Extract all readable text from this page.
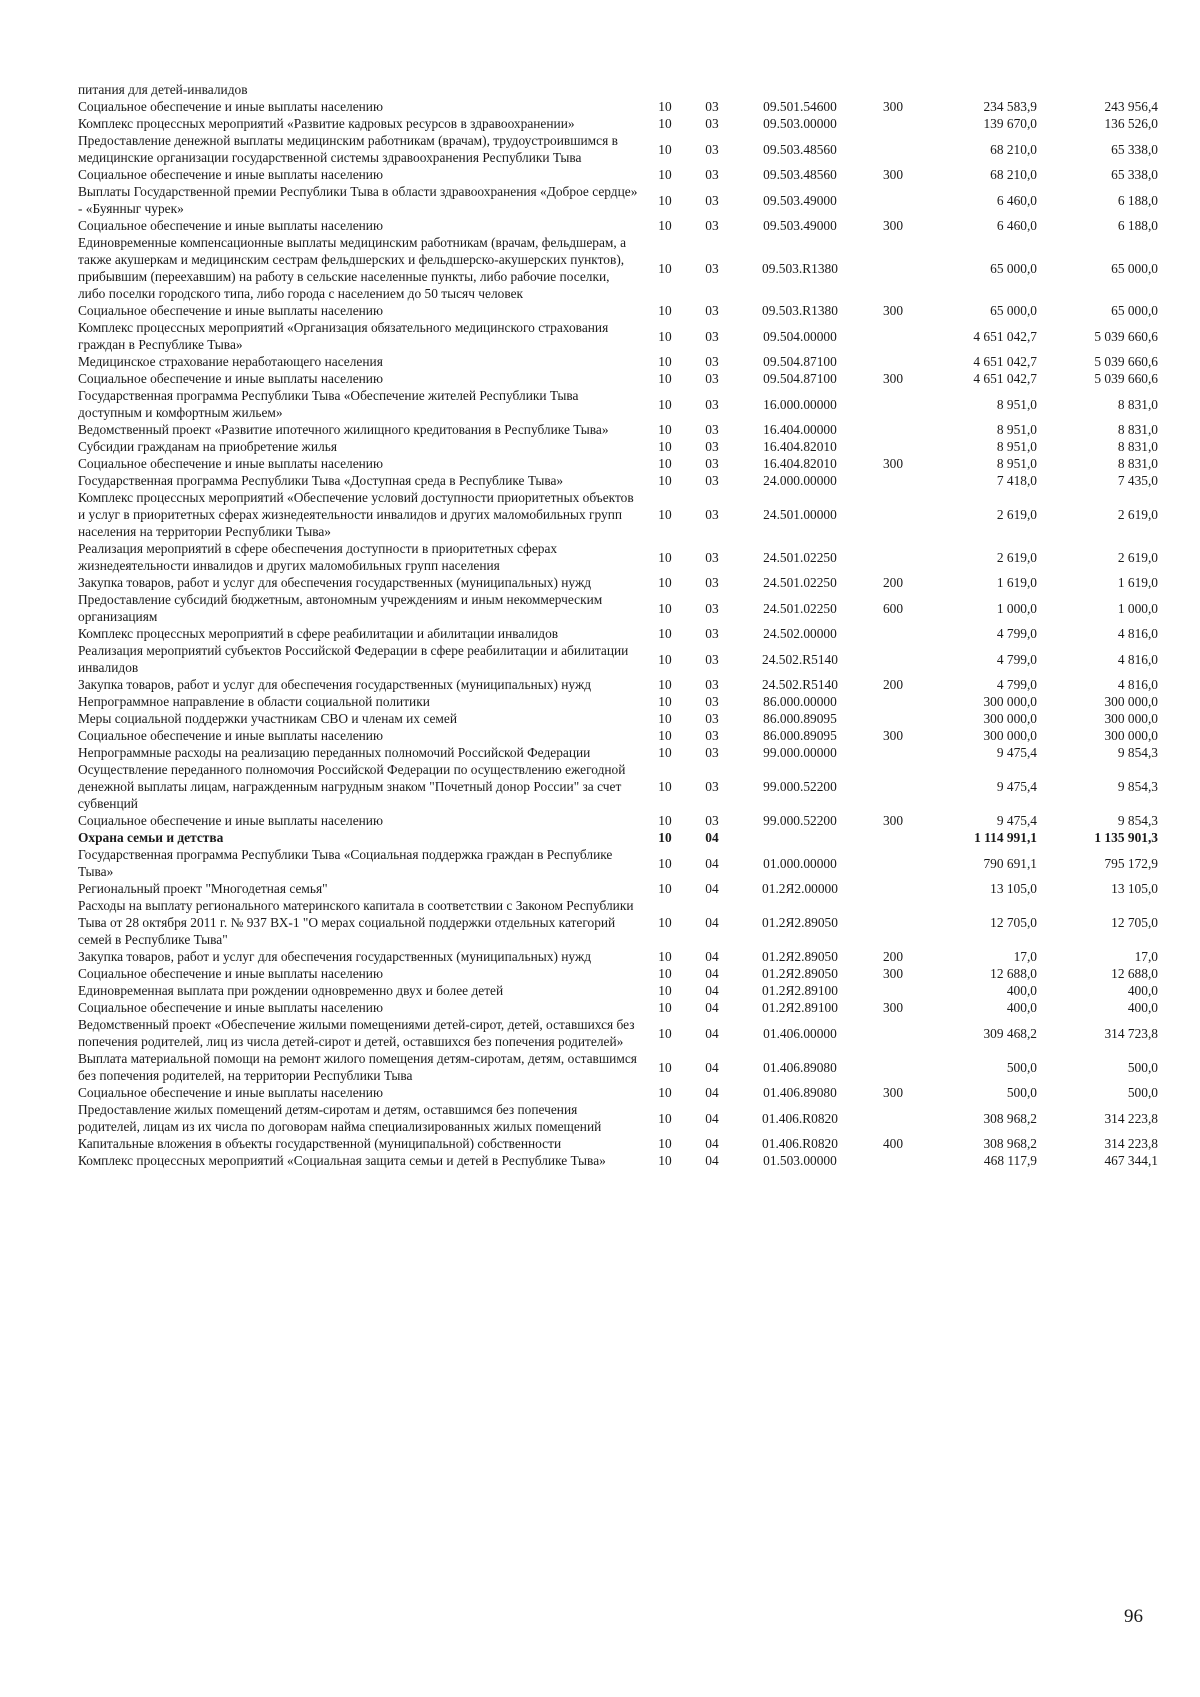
питания для детей-инвалидов						
Социальное обеспечение и иные выплаты населению	10	03	09.501.54600	300	234 583,9	243 956,4
Комплекс процессных мероприятий «Развитие кадровых ресурсов в здравоохранении»	10	03	09.503.00000		139 670,0	136 526,0
Предоставление денежной выплаты медицинским работникам (врачам), трудоустроившимся в медицинские организации государственной системы здравоохранения Республики Тыва	10	03	09.503.48560		68 210,0	65 338,0
Социальное обеспечение и иные выплаты населению	10	03	09.503.48560	300	68 210,0	65 338,0
Выплаты Государственной премии Республики Тыва в области здравоохранения «Доброе сердце» - «Буянныг чурек»	10	03	09.503.49000		6 460,0	6 188,0
Социальное обеспечение и иные выплаты населению	10	03	09.503.49000	300	6 460,0	6 188,0
Единовременные компенсационные выплаты медицинским работникам (врачам, фельдшерам, а также акушеркам и медицинским сестрам фельдшерских и фельдшерско-акушерских пунктов), прибывшим (переехавшим) на работу в сельские населенные пункты, либо рабочие поселки, либо поселки городского типа, либо города с населением до 50 тысяч человек	10	03	09.503.R1380		65 000,0	65 000,0
Социальное обеспечение и иные выплаты населению	10	03	09.503.R1380	300	65 000,0	65 000,0
Комплекс процессных мероприятий «Организация обязательного медицинского страхования граждан в Республике Тыва»	10	03	09.504.00000		4 651 042,7	5 039 660,6
Медицинское страхование неработающего населения	10	03	09.504.87100		4 651 042,7	5 039 660,6
Социальное обеспечение и иные выплаты населению	10	03	09.504.87100	300	4 651 042,7	5 039 660,6
Государственная программа Республики Тыва «Обеспечение жителей Республики Тыва доступным и комфортным жильем»	10	03	16.000.00000		8 951,0	8 831,0
Ведомственный проект «Развитие ипотечного жилищного кредитования в Республике Тыва»	10	03	16.404.00000		8 951,0	8 831,0
Субсидии гражданам на приобретение жилья	10	03	16.404.82010		8 951,0	8 831,0
Социальное обеспечение и иные выплаты населению	10	03	16.404.82010	300	8 951,0	8 831,0
Государственная программа Республики Тыва «Доступная среда в Республике Тыва»	10	03	24.000.00000		7 418,0	7 435,0
Комплекс процессных мероприятий «Обеспечение условий доступности приоритетных объектов и услуг в приоритетных сферах жизнедеятельности инвалидов и других маломобильных групп населения на территории Республики Тыва»	10	03	24.501.00000		2 619,0	2 619,0
Реализация мероприятий в сфере обеспечения доступности в приоритетных сферах жизнедеятельности инвалидов и других маломобильных групп населения	10	03	24.501.02250		2 619,0	2 619,0
Закупка товаров, работ и услуг для обеспечения государственных (муниципальных) нужд	10	03	24.501.02250	200	1 619,0	1 619,0
Предоставление субсидий бюджетным, автономным учреждениям и иным некоммерческим организациям	10	03	24.501.02250	600	1 000,0	1 000,0
Комплекс процессных мероприятий в сфере реабилитации и абилитации инвалидов	10	03	24.502.00000		4 799,0	4 816,0
Реализация мероприятий субъектов Российской Федерации в сфере реабилитации и абилитации инвалидов	10	03	24.502.R5140		4 799,0	4 816,0
Закупка товаров, работ и услуг для обеспечения государственных (муниципальных) нужд	10	03	24.502.R5140	200	4 799,0	4 816,0
Непрограммное направление в области социальной политики	10	03	86.000.00000		300 000,0	300 000,0
Меры социальной поддержки участникам СВО и членам их семей	10	03	86.000.89095		300 000,0	300 000,0
Социальное обеспечение и иные выплаты населению	10	03	86.000.89095	300	300 000,0	300 000,0
Непрограммные расходы на реализацию переданных полномочий Российской Федерации	10	03	99.000.00000		9 475,4	9 854,3
Осуществление переданного полномочия Российской Федерации по осуществлению ежегодной денежной выплаты лицам, награжденным нагрудным знаком "Почетный донор России" за счет субвенций	10	03	99.000.52200		9 475,4	9 854,3
Социальное обеспечение и иные выплаты населению	10	03	99.000.52200	300	9 475,4	9 854,3
Охрана семьи и детства	10	04			1 114 991,1	1 135 901,3
Государственная программа Республики Тыва «Социальная поддержка граждан в Республике Тыва»	10	04	01.000.00000		790 691,1	795 172,9
Региональный проект "Многодетная семья"	10	04	01.2Я2.00000		13 105,0	13 105,0
Расходы на выплату регионального материнского капитала в соответствии с Законом Республики Тыва от 28 октября 2011 г. № 937 ВХ-1 "О мерах социальной поддержки отдельных категорий семей в Республике Тыва"	10	04	01.2Я2.89050		12 705,0	12 705,0
Закупка товаров, работ и услуг для обеспечения государственных (муниципальных) нужд	10	04	01.2Я2.89050	200	17,0	17,0
Социальное обеспечение и иные выплаты населению	10	04	01.2Я2.89050	300	12 688,0	12 688,0
Единовременная выплата при рождении одновременно двух и более детей	10	04	01.2Я2.89100		400,0	400,0
Социальное обеспечение и иные выплаты населению	10	04	01.2Я2.89100	300	400,0	400,0
Ведомственный проект «Обеспечение жилыми помещениями детей-сирот, детей, оставшихся без попечения родителей, лиц из числа детей-сирот и детей, оставшихся без попечения родителей»	10	04	01.406.00000		309 468,2	314 723,8
Выплата материальной помощи на ремонт жилого помещения детям-сиротам, детям, оставшимся без попечения родителей, на территории Республики Тыва	10	04	01.406.89080		500,0	500,0
Социальное обеспечение и иные выплаты населению	10	04	01.406.89080	300	500,0	500,0
Предоставление жилых помещений детям-сиротам и детям, оставшимся без попечения родителей, лицам из их числа по договорам найма специализированных жилых помещений	10	04	01.406.R0820		308 968,2	314 223,8
Капитальные вложения в объекты государственной (муниципальной) собственности	10	04	01.406.R0820	400	308 968,2	314 223,8
Комплекс процессных мероприятий «Социальная защита семьи и детей в Республике Тыва»	10	04	01.503.00000		468 117,9	467 344,1
96
